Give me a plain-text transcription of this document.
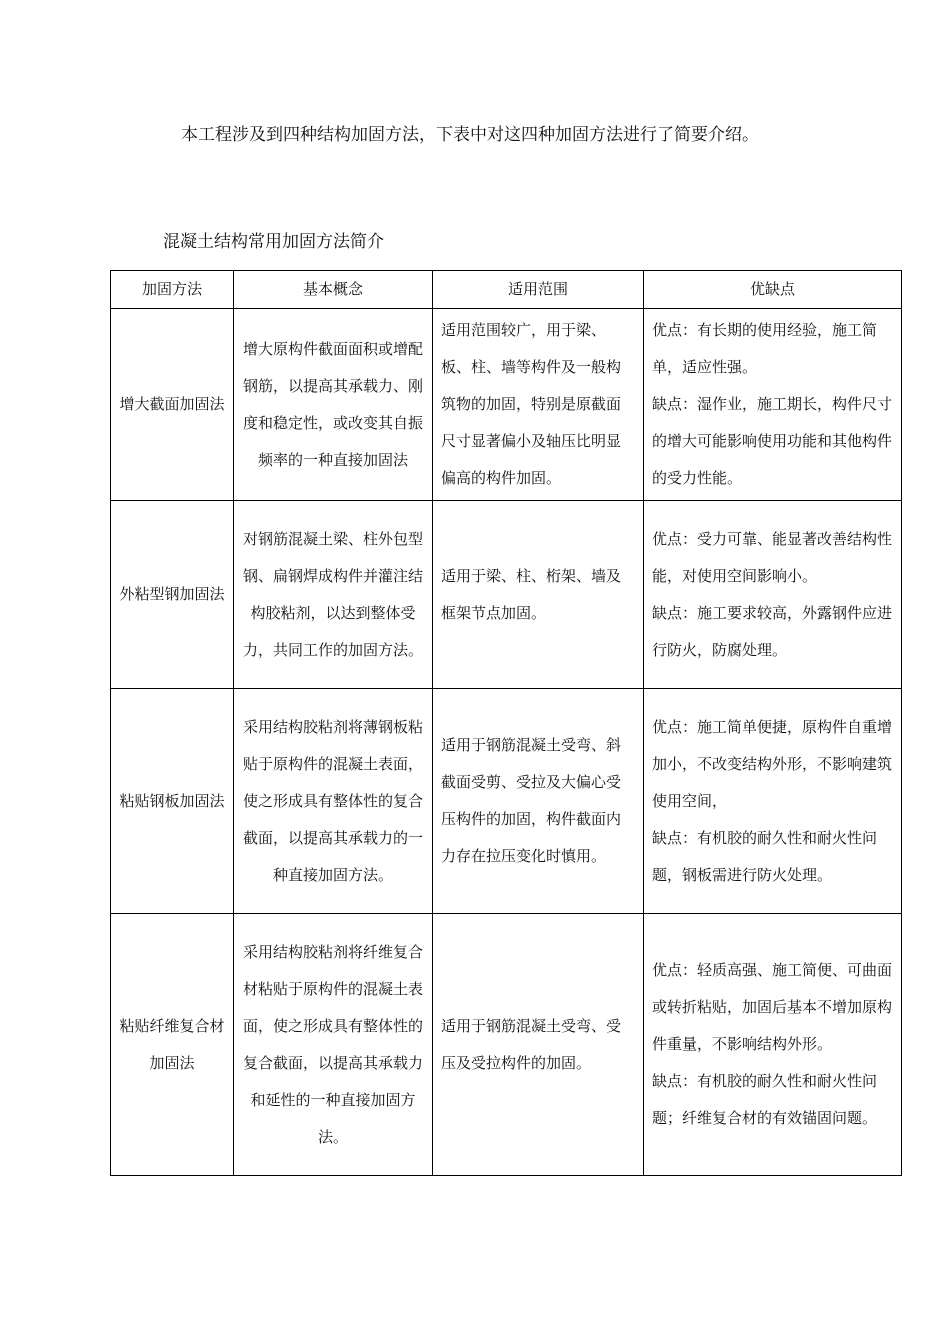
本工程涉及到四种结构加固方法，下表中对这四种加固方法进行了简要介绍。

混凝土结构常用加固方法简介

加固方法	基本概念	适用范围	优缺点
增大截面加固法	增大原构件截面面积或增配钢筋，以提高其承载力、刚度和稳定性，或改变其自振频率的一种直接加固法	适用范围较广，用于梁、板、柱、墙等构件及一般构筑物的加固，特别是原截面尺寸显著偏小及轴压比明显偏高的构件加固。	优点：有长期的使用经验，施工简单，适应性强。
缺点：湿作业，施工期长，构件尺寸的增大可能影响使用功能和其他构件的受力性能。

外粘型钢加固法	对钢筋混凝土梁、柱外包型钢、扁钢焊成构件并灌注结构胶粘剂，以达到整体受力，共同工作的加固方法。	适用于梁、柱、桁架、墙及框架节点加固。	优点：受力可靠、能显著改善结构性能，对使用空间影响小。
缺点：施工要求较高，外露钢件应进行防火，防腐处理。

粘贴钢板加固法	采用结构胶粘剂将薄钢板粘贴于原构件的混凝土表面，使之形成具有整体性的复合截面，以提高其承载力的一种直接加固方法。	适用于钢筋混凝土受弯、斜截面受剪、受拉及大偏心受压构件的加固，构件截面内力存在拉压变化时慎用。	优点：施工简单便捷，原构件自重增加小，不改变结构外形，不影响建筑使用空间，
缺点：有机胶的耐久性和耐火性问题，钢板需进行防火处理。

粘贴纤维复合材加固法	采用结构胶粘剂将纤维复合材粘贴于原构件的混凝土表面，使之形成具有整体性的复合截面，以提高其承载力和延性的一种直接加固方法。	适用于钢筋混凝土受弯、受压及受拉构件的加固。	优点：轻质高强、施工简便、可曲面或转折粘贴，加固后基本不增加原构件重量，不影响结构外形。
缺点：有机胶的耐久性和耐火性问题；纤维复合材的有效锚固问题。
